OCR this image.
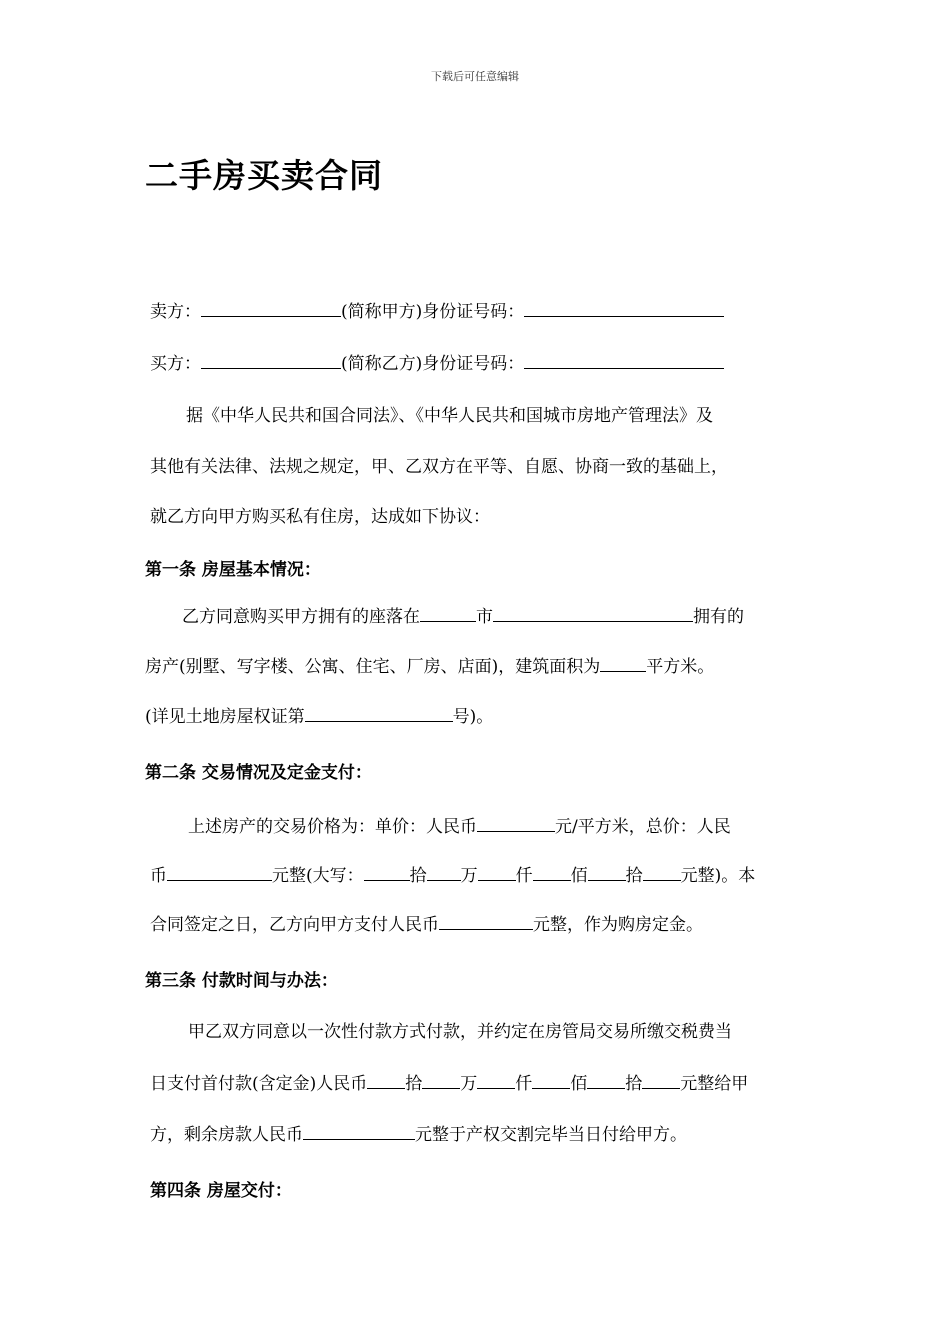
下载后可任意编辑
二手房买卖合同
卖方：	(简称甲方)身份证号码：
买方：	(简称乙方)身份证号码：
据《中华人民共和国合同法》、《中华人民共和国城市房地产管理法》及
其他有关法律、法规之规定，甲、乙双方在平等、自愿、协商一致的基础上，
就乙方向甲方购买私有住房，达成如下协议：
第一条 房屋基本情况：
乙方同意购买甲方拥有的座落在	市	拥有的
房产(别墅、写字楼、公寓、住宅、厂房、店面)，建筑面积为	平方米。
(详见土地房屋权证第	号)。
第二条 交易情况及定金支付：
上述房产的交易价格为：单价：人民币	元/平方米，总价：人民
币	元整(大写：	拾 万 仟 佰 拾 元整)。本
合同签定之日，乙方向甲方支付人民币	元整，作为购房定金。
第三条 付款时间与办法：
甲乙双方同意以一次性付款方式付款，并约定在房管局交易所缴交税费当
日支付首付款(含定金)人民币 拾 万 仟 佰 拾 元整给甲
方，剩余房款人民币	元整于产权交割完毕当日付给甲方。
第四条 房屋交付：
